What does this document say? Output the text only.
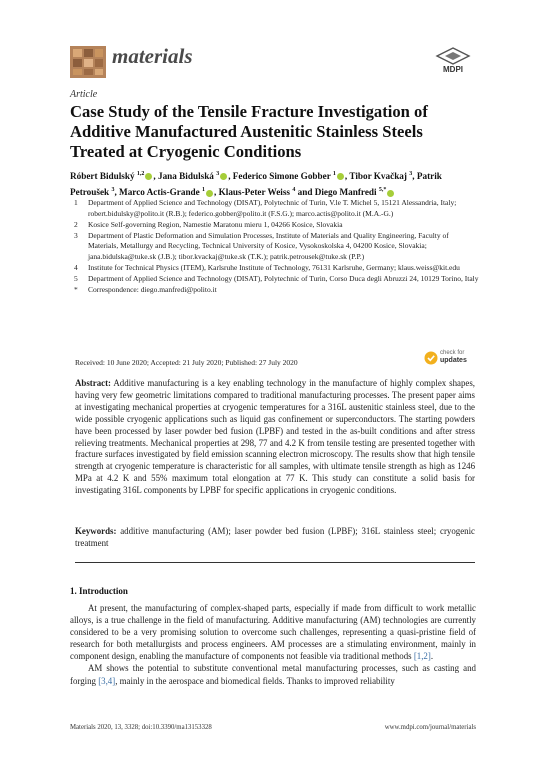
materials
MDPI
Article
Case Study of the Tensile Fracture Investigation of Additive Manufactured Austenitic Stainless Steels Treated at Cryogenic Conditions
Róbert Bidulský $^{1,2}$ , Jana Bidulská $^3$ , Federico Simone Gobber $^1$ , Tibor Kvačkaj $^3$, Patrik Petroušek $^3$, Marco Actis-Grande $^1$ , Klaus-Peter Weiss $^4$ and Diego Manfredi $^{5,*}$
1	Department of Applied Science and Technology (DISAT), Polytechnic of Turin, V.le T. Michel 5, 15121 Alessandria, Italy; robert.bidulsky@polito.it (R.B.); federico.gobber@polito.it (F.S.G.); marco.actis@polito.it (M.A.-G.)
2	Kosice Self-governing Region, Namestie Maratonu mieru 1, 04266 Kosice, Slovakia
3	Department of Plastic Deformation and Simulation Processes, Institute of Materials and Quality Engineering, Faculty of Materials, Metallurgy and Recycling, Technical University of Kosice, Vysokoskolska 4, 04200 Kosice, Slovakia; jana.bidulska@tuke.sk (J.B.); tibor.kvackaj@tuke.sk (T.K.); patrik.petrousek@tuke.sk (P.P.)
4	Institute for Technical Physics (ITEM), Karlsruhe Institute of Technology, 76131 Karlsruhe, Germany; klaus.weiss@kit.edu
5	Department of Applied Science and Technology (DISAT), Polytechnic of Turin, Corso Duca degli Abruzzi 24, 10129 Torino, Italy
*	Correspondence: diego.manfredi@polito.it
Received: 10 June 2020; Accepted: 21 July 2020; Published: 27 July 2020
check for
updates
Abstract: Additive manufacturing is a key enabling technology in the manufacture of highly complex shapes, having very few geometric limitations compared to traditional manufacturing processes. The present paper aims at investigating mechanical properties at cryogenic temperatures for a 316L austenitic stainless steel, due to the wide possible cryogenic applications such as liquid gas confinement or superconductors. The starting powders have been processed by laser powder bed fusion (LPBF) and tested in the as-built conditions and after stress relieving treatments. Mechanical properties at 298, 77 and 4.2 K from tensile testing are presented together with fracture surfaces investigated by field emission scanning electron microscopy. The results show that high tensile strength at cryogenic temperature is characteristic for all samples, with ultimate tensile strength as high as 1246 MPa at 4.2 K and 55% maximum total elongation at 77 K. This study can constitute a solid basis for investigating 316L components by LPBF for specific applications in cryogenic conditions.
Keywords: additive manufacturing (AM); laser powder bed fusion (LPBF); 316L stainless steel; cryogenic treatment
1. Introduction

At present, the manufacturing of complex-shaped parts, especially if made from difficult to work metallic alloys, is a true challenge in the field of manufacturing. Additive manufacturing (AM) technologies are currently considered to be a very promising solution to overcome such challenges, representing a quasi-pristine field of research for both metallurgists and process engineers. AM processes are a stimulating environment, mainly in component design, enabling the manufacture of components not feasible via traditional methods [1,2].

AM shows the potential to substitute conventional metal manufacturing processes, such as casting and forging [3,4], mainly in the aerospace and biomedical fields. Thanks to improved reliability

Materials 2020, 13, 3328; doi:10.3390/ma13153328	www.mdpi.com/journal/materials
